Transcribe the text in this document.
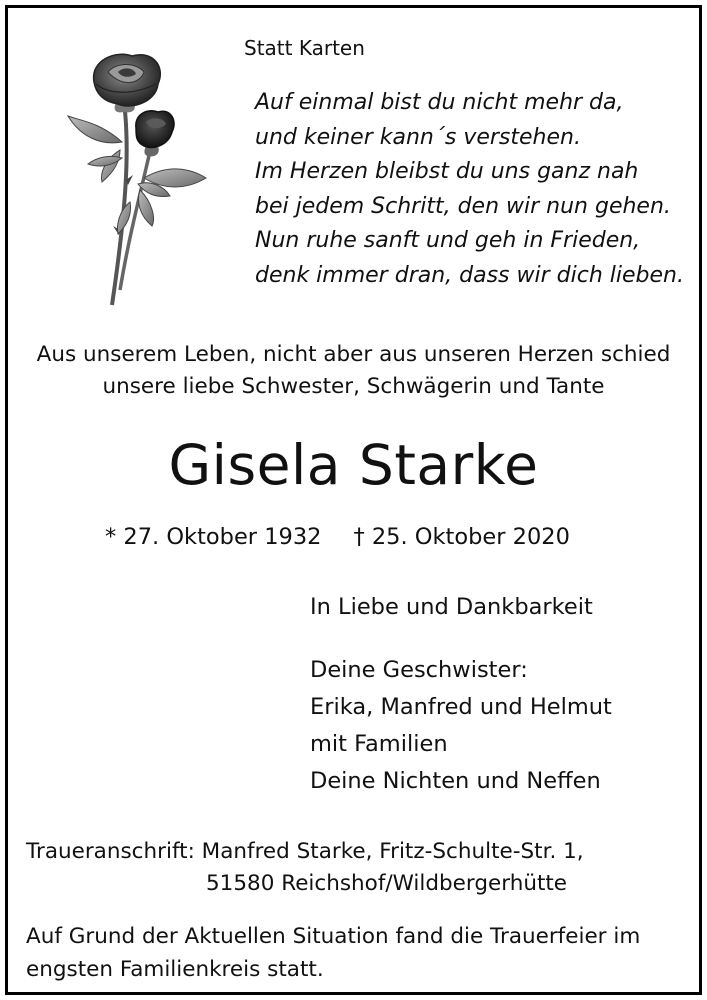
Statt Karten
Auf einmal bist du nicht mehr da,
und keiner kann´s verstehen.
Im Herzen bleibst du uns ganz nah
bei jedem Schritt, den wir nun gehen.
Nun ruhe sanft und geh in Frieden,
denk immer dran, dass wir dich lieben.
Aus unserem Leben, nicht aber aus unseren Herzen schied
unsere liebe Schwester, Schwägerin und Tante
Gisela Starke
* 27. Oktober 1932 † 25. Oktober 2020
In Liebe und Dankbarkeit
Deine Geschwister:
Erika, Manfred und Helmut
mit Familien
Deine Nichten und Neffen
Traueranschrift: Manfred Starke, Fritz-Schulte-Str. 1,
51580 Reichshof/Wildbergerhütte
Auf Grund der Aktuellen Situation fand die Trauerfeier im
engsten Familienkreis statt.
